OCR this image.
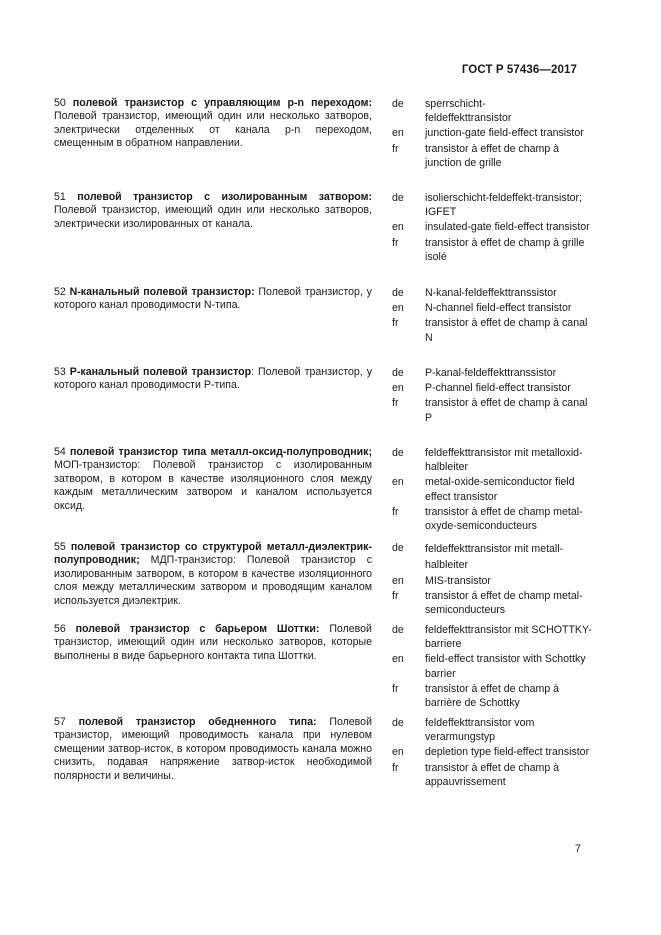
ГОСТ Р 57436—2017
50 полевой транзистор с управляющим p-n переходом: Полевой транзистор, имеющий один или несколько затворов, электрически отделенных от канала p-n переходом, смещенным в обратном направлении.
de	sperrschicht-
feldeffekttransistor
en	junction-gate field-effect transistor
fr	transistor à effet de champ à junction de grille
51 полевой транзистор с изолированным затвором: Полевой транзистор, имеющий один или несколько затворов, электрически изолированных от канала.
de	isolierschicht-feldeffekt-transistor; IGFET
en	insulated-gate field-effect transistor
fr	transistor à effet de champ à grille isolé
52 N-канальный полевой транзистор: Полевой транзистор, у которого канал проводимости N-типа.
de	N-kanal-feldeffekttranssistor
en	N-channel field-effect transistor
fr	transistor à effet de champ à canal N
53 P-канальный полевой транзистор: Полевой транзистор, у которого канал проводимости P-типа.
de	P-kanal-feldeffekttranssistor
en	P-channel field-effect transistor
fr	transistor à effet de champ à canal P
54 полевой транзистор типа металл-оксид-полупроводник; МОП-транзистор: Полевой транзистор с изолированным затвором, в котором в качестве изоляционного слоя между каждым металлическим затвором и каналом используется оксид.
de	feldeffekttransistor mit metalloxid-halbleiter
en	metal-oxide-semiconductor field effect transistor
fr	transistor à effet de champ metal-oxyde-semiconducteurs
55 полевой транзистор со структурой металл-диэлектрик-полупроводник; МДП-транзистор: Полевой транзистор с изолированным затвором, в котором в качестве изоляционного слоя между металлическим затвором и проводящим каналом используется диэлектрик.
de	feldeffekttransistor mit metall-halbleiter
en	MIS-transistor
fr	transistor á effet de champ metal-semiconducteurs
56 полевой транзистор с барьером Шоттки: Полевой транзистор, имеющий один или несколько затворов, которые выполнены в виде барьерного контакта типа Шоттки.
de	feldeffekttransistor mit SCHOTTKY-barriere
en	field-effect transistor with Schottky barrier
fr	transistor à effet de champ à barrière de Schottky
57 полевой транзистор обедненного типа: Полевой транзистор, имеющий проводимость канала при нулевом смещении затвор-исток, в котором проводимость канала можно снизить, подавая напряжение затвор-исток необходимой полярности и величины.
de	feldeffekttransistor vom verarmungstyp
en	depletion type field-effect transistor
fr	transistor à effet de champ à appauvrissement
7
